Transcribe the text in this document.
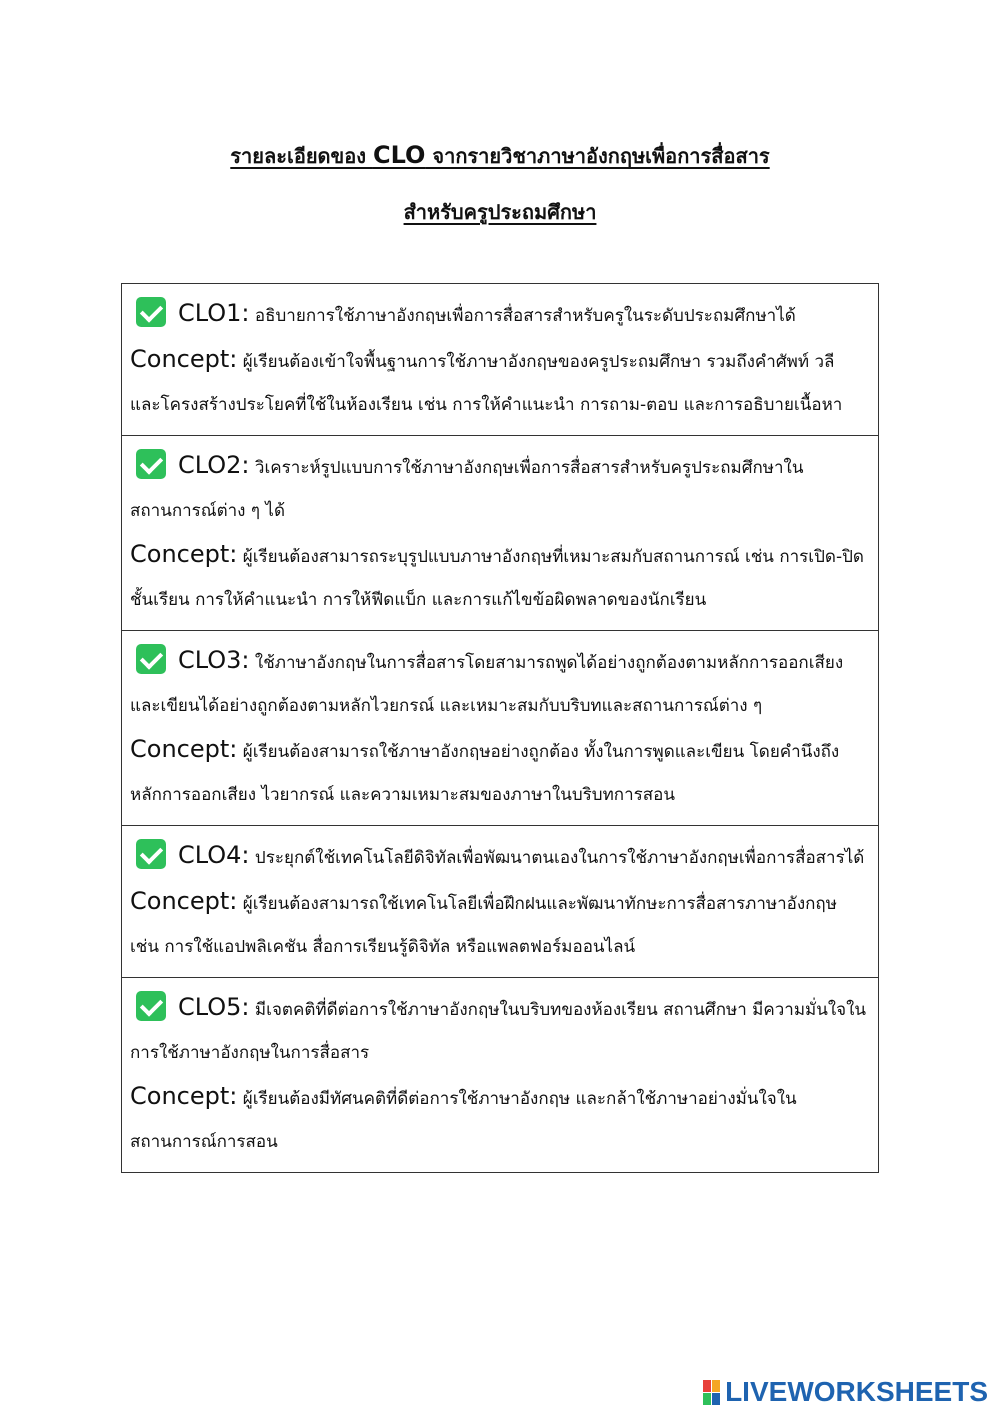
รายละเอียดของ CLO จากรายวิชาภาษาอังกฤษเพื่อการสื่อสาร
สำหรับครูประถมศึกษา
CLO1: อธิบายการใช้ภาษาอังกฤษเพื่อการสื่อสารสำหรับครูในระดับประถมศึกษาได้
Concept: ผู้เรียนต้องเข้าใจพื้นฐานการใช้ภาษาอังกฤษของครูประถมศึกษา รวมถึงคำศัพท์ วลี และโครงสร้างประโยคที่ใช้ในห้องเรียน เช่น การให้คำแนะนำ การถาม-ตอบ และการอธิบายเนื้อหา
CLO2: วิเคราะห์รูปแบบการใช้ภาษาอังกฤษเพื่อการสื่อสารสำหรับครูประถมศึกษาในสถานการณ์ต่าง ๆ ได้
Concept: ผู้เรียนต้องสามารถระบุรูปแบบภาษาอังกฤษที่เหมาะสมกับสถานการณ์ เช่น การเปิด-ปิดชั้นเรียน การให้คำแนะนำ การให้ฟีดแบ็ก และการแก้ไขข้อผิดพลาดของนักเรียน
CLO3: ใช้ภาษาอังกฤษในการสื่อสารโดยสามารถพูดได้อย่างถูกต้องตามหลักการออกเสียงและเขียนได้อย่างถูกต้องตามหลักไวยกรณ์ และเหมาะสมกับบริบทและสถานการณ์ต่าง ๆ
Concept: ผู้เรียนต้องสามารถใช้ภาษาอังกฤษอย่างถูกต้อง ทั้งในการพูดและเขียน โดยคำนึงถึงหลักการออกเสียง ไวยากรณ์ และความเหมาะสมของภาษาในบริบทการสอน
CLO4: ประยุกต์ใช้เทคโนโลยีดิจิทัลเพื่อพัฒนาตนเองในการใช้ภาษาอังกฤษเพื่อการสื่อสารได้
Concept: ผู้เรียนต้องสามารถใช้เทคโนโลยีเพื่อฝึกฝนและพัฒนาทักษะการสื่อสารภาษาอังกฤษ เช่น การใช้แอปพลิเคชัน สื่อการเรียนรู้ดิจิทัล หรือแพลตฟอร์มออนไลน์
CLO5: มีเจตคติที่ดีต่อการใช้ภาษาอังกฤษในบริบทของห้องเรียน สถานศึกษา มีความมั่นใจในการใช้ภาษาอังกฤษในการสื่อสาร
Concept: ผู้เรียนต้องมีทัศนคติที่ดีต่อการใช้ภาษาอังกฤษ และกล้าใช้ภาษาอย่างมั่นใจในสถานการณ์การสอน
LIVEWORKSHEETS
